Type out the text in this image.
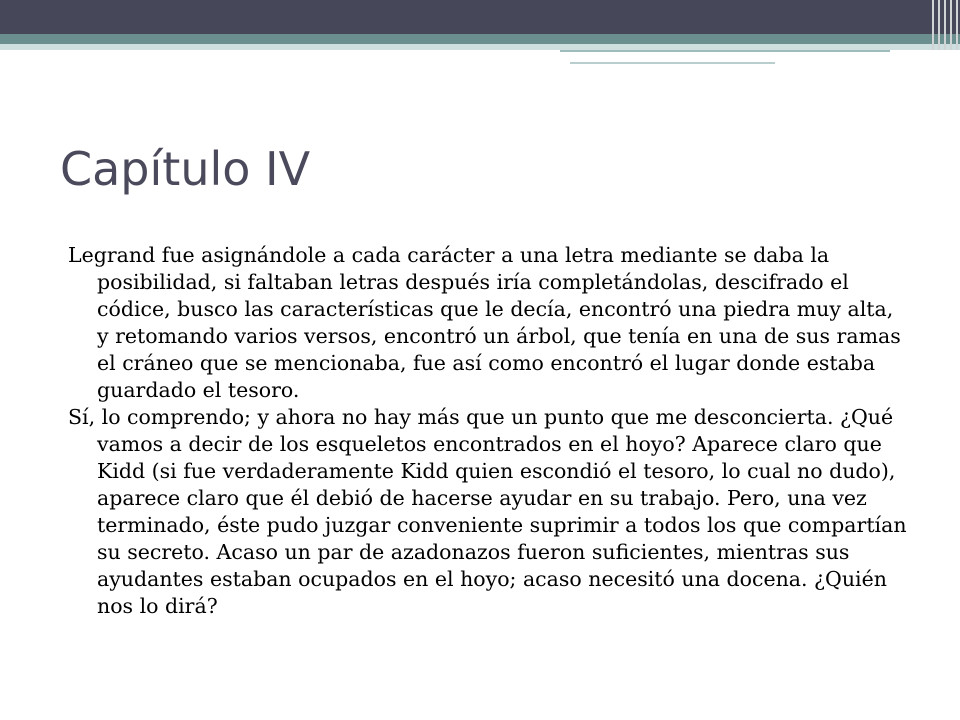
Capítulo IV

Legrand fue asignándole a cada carácter a una letra mediante se daba la posibilidad, si faltaban letras después iría completándolas, descifrado el códice, busco las características que le decía, encontró una piedra muy alta, y retomando varios versos, encontró un árbol, que tenía en una de sus ramas el cráneo que se mencionaba, fue así como encontró el lugar donde estaba guardado el tesoro.

Sí, lo comprendo; y ahora no hay más que un punto que me desconcierta. ¿Qué vamos a decir de los esqueletos encontrados en el hoyo? Aparece claro que Kidd (si fue verdaderamente Kidd quien escondió el tesoro, lo cual no dudo), aparece claro que él debió de hacerse ayudar en su trabajo. Pero, una vez terminado, éste pudo juzgar conveniente suprimir a todos los que compartían su secreto. Acaso un par de azadonazos fueron suficientes, mientras sus ayudantes estaban ocupados en el hoyo; acaso necesitó una docena. ¿Quién nos lo dirá?
